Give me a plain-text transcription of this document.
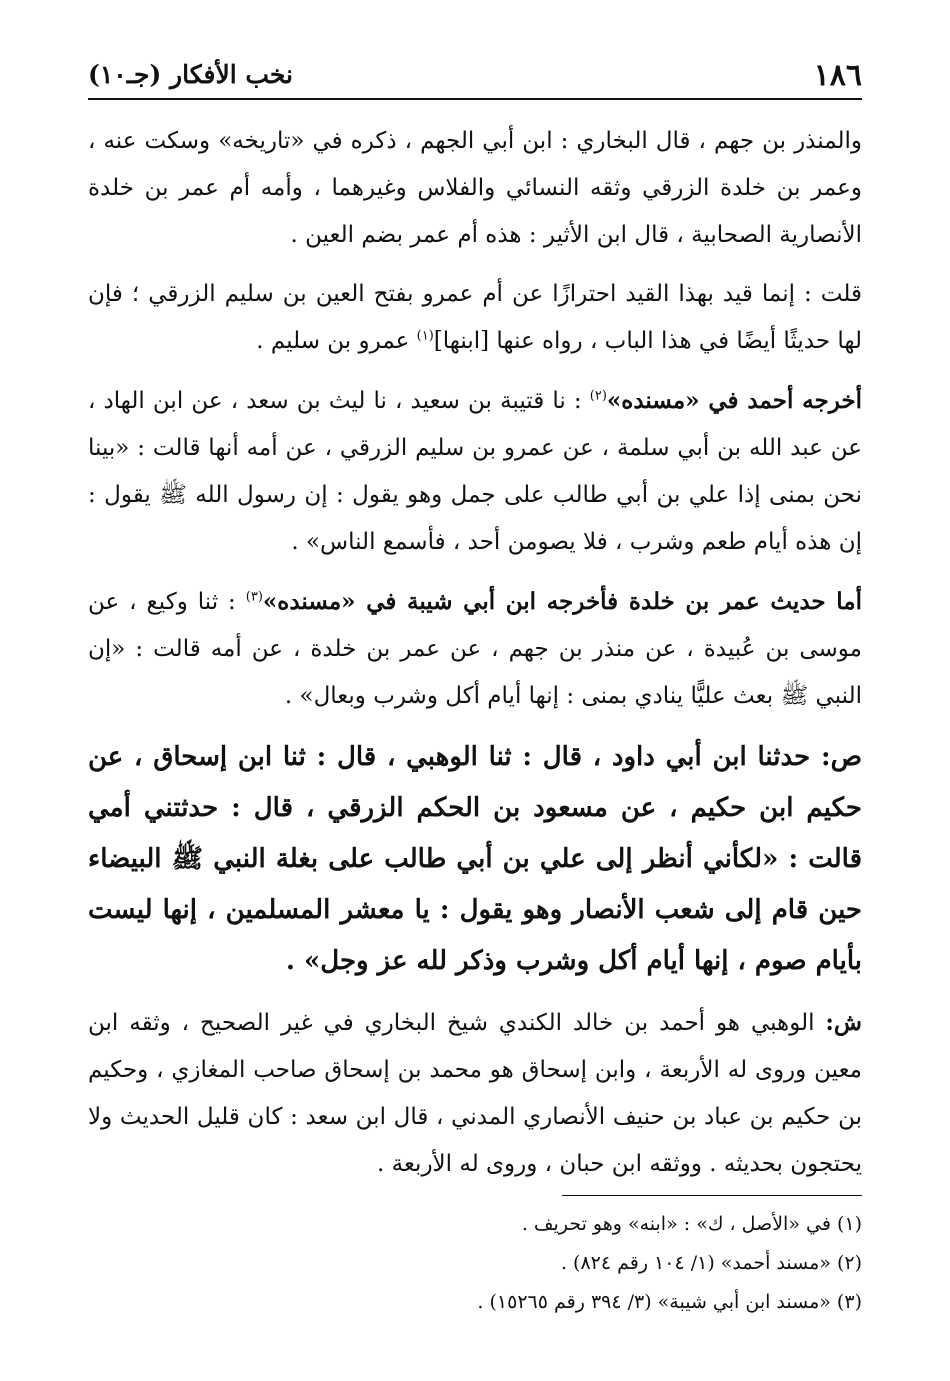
١٨٦
نخب الأفكار (جـ١٠)

والمنذر بن جهم ، قال البخاري : ابن أبي الجهم ، ذكره في «تاريخه» وسكت عنه ، وعمر بن خلدة الزرقي وثقه النسائي والفلاس وغيرهما ، وأمه أم عمر بن خلدة الأنصارية الصحابية ، قال ابن الأثير : هذه أم عمر بضم العين .

قلت : إنما قيد بهذا القيد احترازًا عن أم عمرو بفتح العين بن سليم الزرقي ؛ فإن لها حديثًا أيضًا في هذا الباب ، رواه عنها [ابنها]$^{(١)}$ عمرو بن سليم .

أخرجه أحمد في «مسنده»$^{(٢)}$ : نا قتيبة بن سعيد ، نا ليث بن سعد ، عن ابن الهاد ، عن عبد الله بن أبي سلمة ، عن عمرو بن سليم الزرقي ، عن أمه أنها قالت : «بينا نحن بمنى إذا علي بن أبي طالب على جمل وهو يقول : إن رسول الله ﷺ يقول : إن هذه أيام طعم وشرب ، فلا يصومن أحد ، فأسمع الناس» .

أما حديث عمر بن خلدة فأخرجه ابن أبي شيبة في «مسنده»$^{(٣)}$ : ثنا وكيع ، عن موسى بن عُبيدة ، عن منذر بن جهم ، عن عمر بن خلدة ، عن أمه قالت : «إن النبي ﷺ بعث عليًّا ينادي بمنى : إنها أيام أكل وشرب وبعال» .

ص: حدثنا ابن أبي داود ، قال : ثنا الوهبي ، قال : ثنا ابن إسحاق ، عن حكيم ابن حكيم ، عن مسعود بن الحكم الزرقي ، قال : حدثتني أمي قالت : «لكأني أنظر إلى علي بن أبي طالب على بغلة النبي ﷺ البيضاء حين قام إلى شعب الأنصار وهو يقول : يا معشر المسلمين ، إنها ليست بأيام صوم ، إنها أيام أكل وشرب وذكر لله عز وجل» .

ش: الوهبي هو أحمد بن خالد الكندي شيخ البخاري في غير الصحيح ، وثقه ابن معين وروى له الأربعة ، وابن إسحاق هو محمد بن إسحاق صاحب المغازي ، وحكيم بن حكيم بن عباد بن حنيف الأنصاري المدني ، قال ابن سعد : كان قليل الحديث ولا يحتجون بحديثه . ووثقه ابن حبان ، وروى له الأربعة .

(١) في «الأصل ، ك» : «ابنه» وهو تحريف .
(٢) «مسند أحمد» (١/ ١٠٤ رقم ٨٢٤) .
(٣) «مسند ابن أبي شيبة» (٣/ ٣٩٤ رقم ١٥٢٦٥) .
